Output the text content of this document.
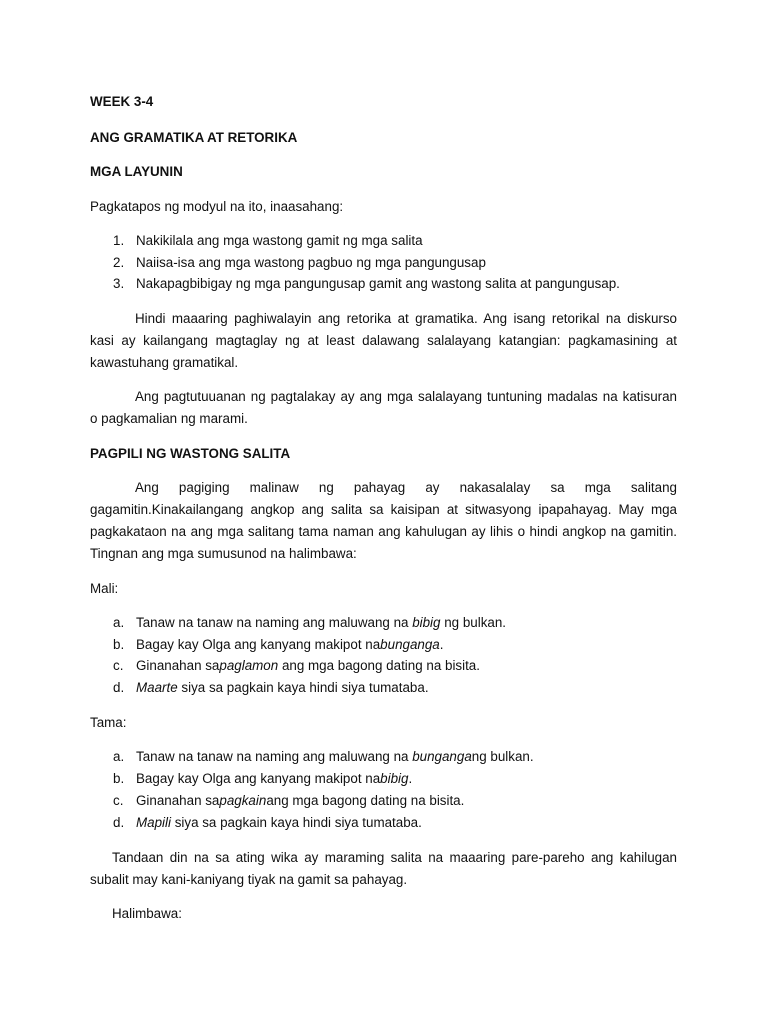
WEEK 3-4
ANG GRAMATIKA AT RETORIKA
MGA LAYUNIN
Pagkatapos ng modyul na ito, inaasahang:
1. Nakikilala ang mga wastong gamit ng mga salita
2. Naiisa-isa ang mga wastong pagbuo ng mga pangungusap
3. Nakapagbibigay ng mga pangungusap gamit ang wastong salita at pangungusap.
Hindi maaaring paghiwalayin ang retorika at gramatika. Ang isang retorikal na diskurso
kasi ay kailangang magtaglay ng at least dalawang salalayang katangian: pagkamasining at
kawastuhang gramatikal.
Ang pagtutuuanan ng pagtalakay ay ang mga salalayang tuntuning madalas na katisuran
o pagkamalian ng marami.
PAGPILI NG WASTONG SALITA
Ang pagiging malinaw ng pahayag ay nakasalalay sa mga salitang
gagamitin.Kinakailangang angkop ang salita sa kaisipan at sitwasyong ipapahayag. May mga
pagkakataon na ang mga salitang tama naman ang kahulugan ay lihis o hindi angkop na gamitin.
Tingnan ang mga sumusunod na halimbawa:
Mali:
a. Tanaw na tanaw na naming ang maluwang na bibig ng bulkan.
b. Bagay kay Olga ang kanyang makipot nabunganga.
c. Ginanahan sapaglamon ang mga bagong dating na bisita.
d. Maarte siya sa pagkain kaya hindi siya tumataba.
Tama:
a. Tanaw na tanaw na naming ang maluwang na bungangang bulkan.
b. Bagay kay Olga ang kanyang makipot nabibig.
c. Ginanahan sapagkainang mga bagong dating na bisita.
d. Mapili siya sa pagkain kaya hindi siya tumataba.
Tandaan din na sa ating wika ay maraming salita na maaaring pare-pareho ang kahilugan
subalit may kani-kaniyang tiyak na gamit sa pahayag.
Halimbawa:
